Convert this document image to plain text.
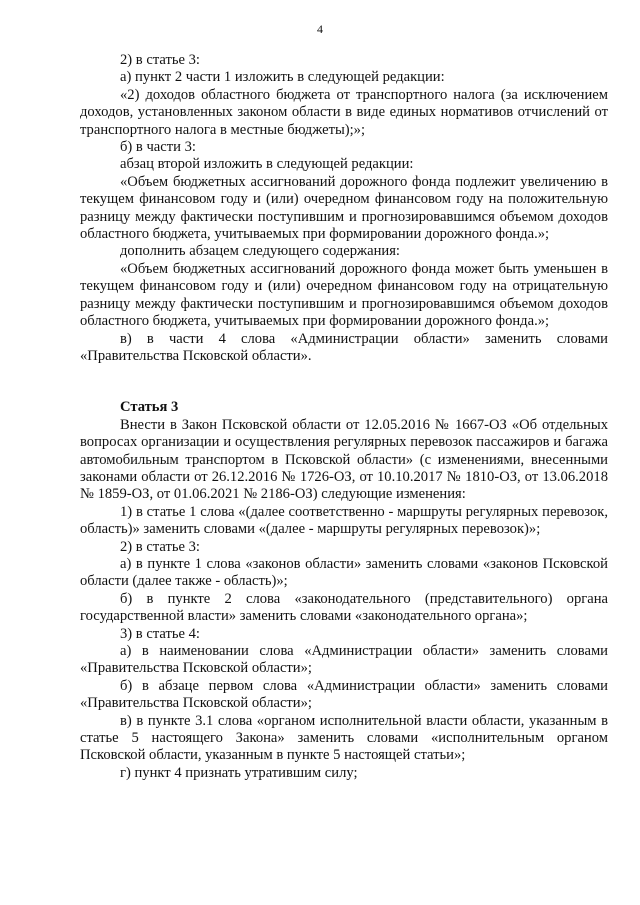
4

2) в статье 3:

а) пункт 2 части 1 изложить в следующей редакции:

«2) доходов областного бюджета от транспортного налога (за исключением доходов, установленных законом области в виде единых нормативов отчислений от транспортного налога в местные бюджеты);»;

б) в части 3:

абзац второй изложить в следующей редакции:

«Объем бюджетных ассигнований дорожного фонда подлежит увеличению в текущем финансовом году и (или) очередном финансовом году на положительную разницу между фактически поступившим и прогнозировавшимся объемом доходов областного бюджета, учитываемых при формировании дорожного фонда.»;

дополнить абзацем следующего содержания:

«Объем бюджетных ассигнований дорожного фонда может быть уменьшен в текущем финансовом году и (или) очередном финансовом году на отрицательную разницу между фактически поступившим и прогнозировавшимся объемом доходов областного бюджета, учитываемых при формировании дорожного фонда.»;

в) в части 4 слова «Администрации области» заменить словами «Правительства Псковской области».

Статья 3

Внести в Закон Псковской области от 12.05.2016 № 1667-ОЗ «Об отдельных вопросах организации и осуществления регулярных перевозок пассажиров и багажа автомобильным транспортом в Псковской области» (с изменениями, внесенными законами области от 26.12.2016 № 1726-ОЗ, от 10.10.2017 № 1810-ОЗ, от 13.06.2018 № 1859-ОЗ, от 01.06.2021 № 2186-ОЗ) следующие изменения:

1) в статье 1 слова «(далее соответственно - маршруты регулярных перевозок, область)» заменить словами «(далее - маршруты регулярных перевозок)»;

2) в статье 3:

а) в пункте 1 слова «законов области» заменить словами «законов Псковской области (далее также - область)»;

б) в пункте 2 слова «законодательного (представительного) органа государственной власти» заменить словами «законодательного органа»;

3) в статье 4:

а) в наименовании слова «Администрации области» заменить словами «Правительства Псковской области»;

б) в абзаце первом слова «Администрации области» заменить словами «Правительства Псковской области»;

в) в пункте 3.1 слова «органом исполнительной власти области, указанным в статье 5 настоящего Закона» заменить словами «исполнительным органом Псковской области, указанным в пункте 5 настоящей статьи»;

г) пункт 4 признать утратившим силу;
